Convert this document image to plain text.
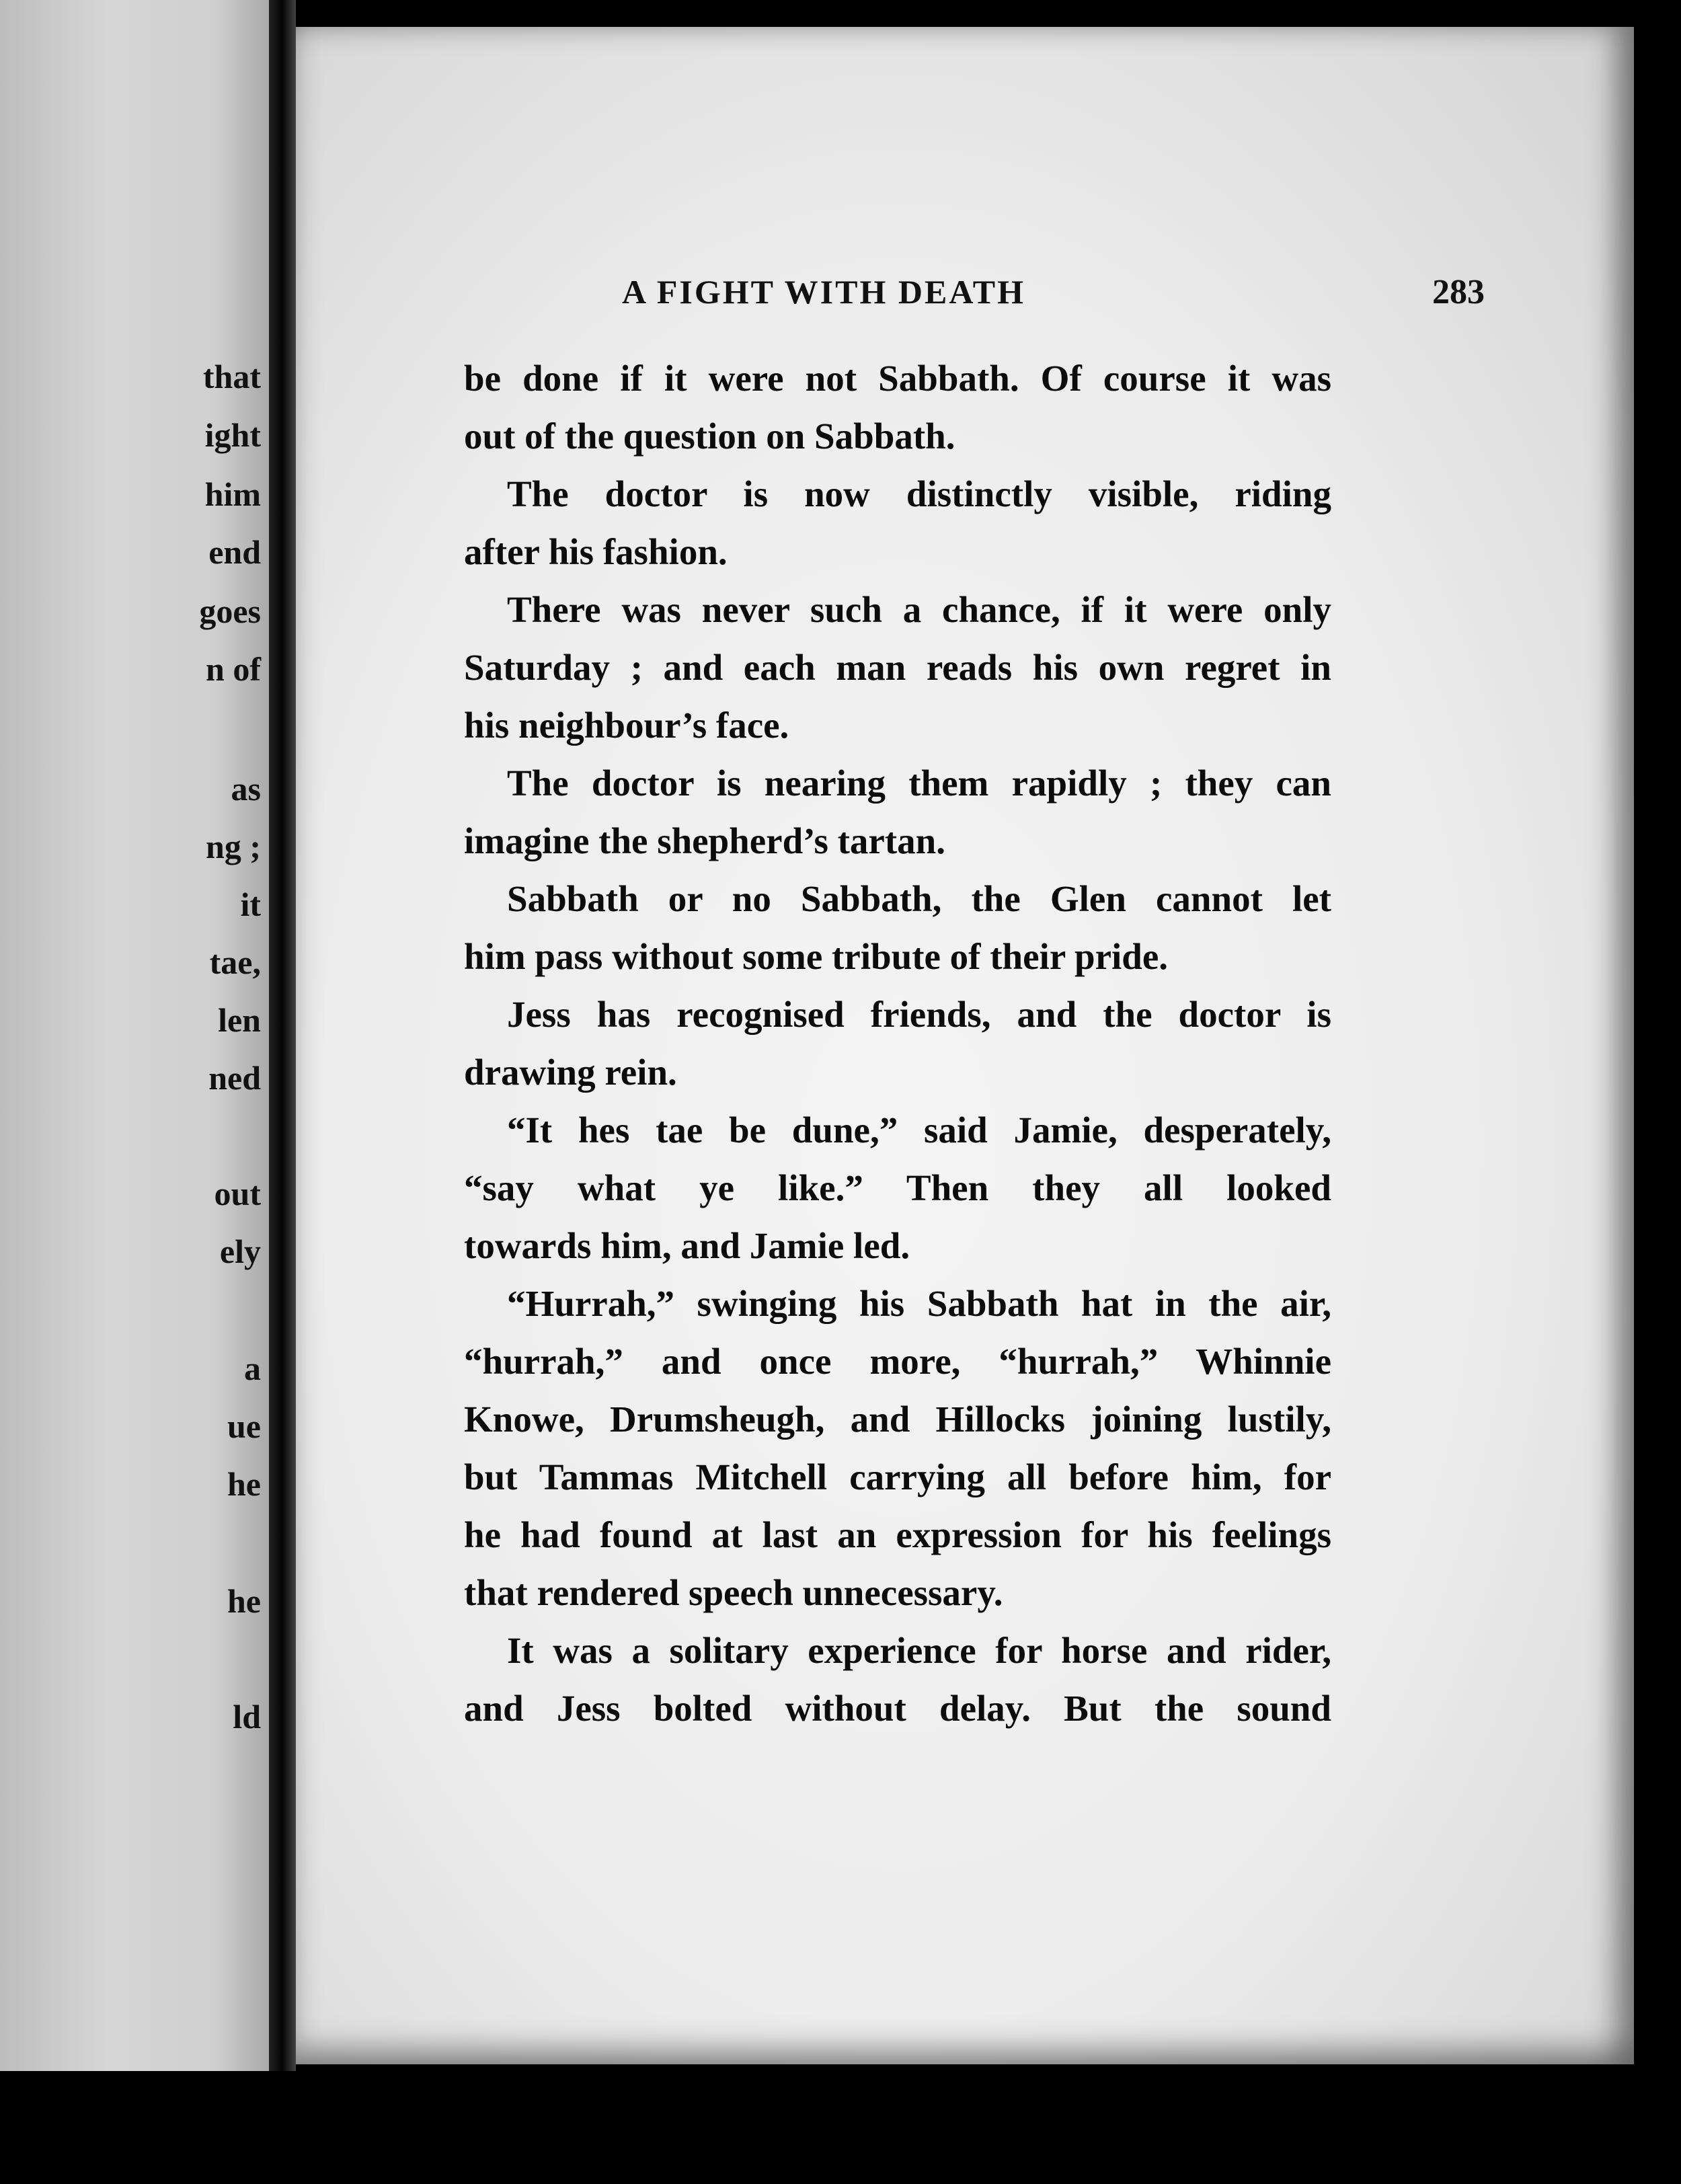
that
ight
him
end
goes
n of
as
ng ;
it
tae,
len
ned
out
ely
a
ue
he
he
ld
A FIGHT WITH DEATH	283
be done if it were not Sabbath. Of course it was
out of the question on Sabbath.
The doctor is now distinctly visible, riding
after his fashion.
There was never such a chance, if it were only
Saturday ; and each man reads his own regret in
his neighbour’s face.
The doctor is nearing them rapidly ; they can
imagine the shepherd’s tartan.
Sabbath or no Sabbath, the Glen cannot let
him pass without some tribute of their pride.
Jess has recognised friends, and the doctor is
drawing rein.
“It hes tae be dune,” said Jamie, desperately,
“say what ye like.” Then they all looked
towards him, and Jamie led.
“Hurrah,” swinging his Sabbath hat in the air,
“hurrah,” and once more, “hurrah,” Whinnie
Knowe, Drumsheugh, and Hillocks joining lustily,
but Tammas Mitchell carrying all before him, for
he had found at last an expression for his feelings
that rendered speech unnecessary.
It was a solitary experience for horse and rider,
and Jess bolted without delay. But the sound
